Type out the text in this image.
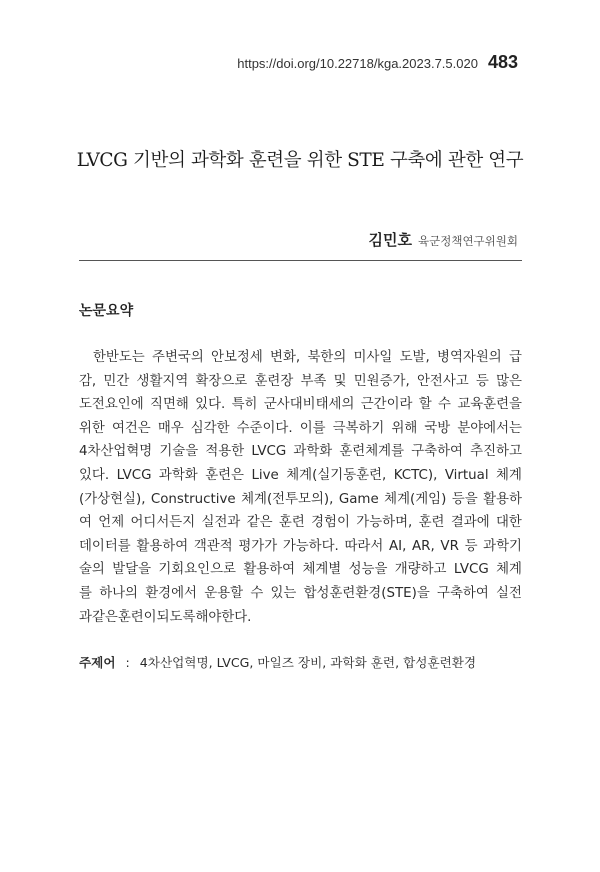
https://doi.org/10.22718/kga.2023.7.5.020 483
LVCG 기반의 과학화 훈련을 위한 STE 구축에 관한 연구
김민호 육군정책연구위원회
논문요약
한반도는 주변국의 안보정세 변화, 북한의 미사일 도발, 병역자원의 급
감, 민간 생활지역 확장으로 훈련장 부족 및 민원증가, 안전사고 등 많은
도전요인에 직면해 있다. 특히 군사대비태세의 근간이라 할 수 교육훈련을
위한 여건은 매우 심각한 수준이다. 이를 극복하기 위해 국방 분야에서는
4차산업혁명 기술을 적용한 LVCG 과학화 훈련체계를 구축하여 추진하고
있다. LVCG 과학화 훈련은 Live 체계(실기동훈련, KCTC), Virtual 체계
(가상현실), Constructive 체계(전투모의), Game 체계(게임) 등을 활용하
여 언제 어디서든지 실전과 같은 훈련 경험이 가능하며, 훈련 결과에 대한
데이터를 활용하여 객관적 평가가 가능하다. 따라서 AI, AR, VR 등 과학기
술의 발달을 기회요인으로 활용하여 체계별 성능을 개량하고 LVCG 체계
를 하나의 환경에서 운용할 수 있는 합성훈련환경(STE)을 구축하여 실전
과 같은 훈련이 되도록 해야 한다.
주제어 : 4차산업혁명, LVCG, 마일즈 장비, 과학화 훈련, 합성훈련환경
